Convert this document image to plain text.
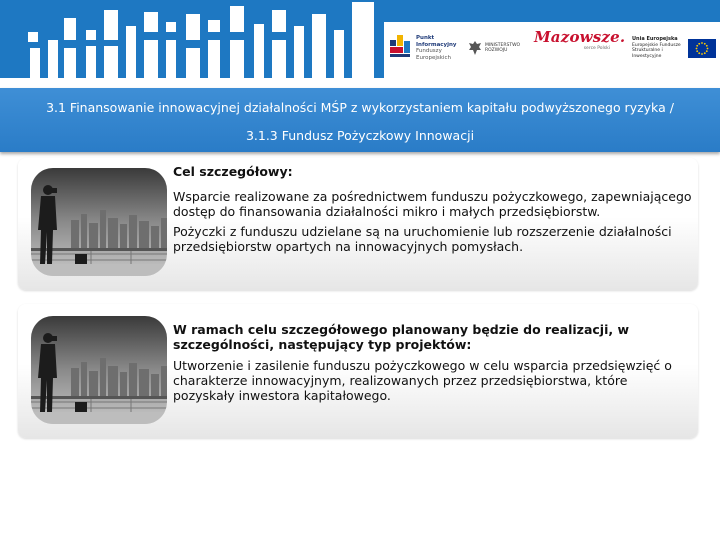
Punkt
Informacyjny
Funduszy Europejskich
MINISTERSTWO
ROZWOJU
Mazowsze.
serce Polski
Unia Europejska
Europejskie Fundusze
Strukturalne i Inwestycyjne
3.1 Finansowanie innowacyjnej działalności MŚP z wykorzystaniem kapitału podwyższonego ryzyka /
3.1.3 Fundusz Pożyczkowy Innowacji
Cel szczegółowy:
Wsparcie realizowane za pośrednictwem funduszu pożyczkowego, zapewniającego dostęp do finansowania działalności mikro i małych przedsiębiorstw.
Pożyczki z funduszu udzielane są na uruchomienie lub rozszerzenie działalności przedsiębiorstw opartych na innowacyjnych pomysłach.
W ramach celu szczegółowego planowany będzie do realizacji, w szczególności, następujący typ projektów:
Utworzenie i zasilenie funduszu pożyczkowego w celu wsparcia przedsięwzięć o charakterze innowacyjnym, realizowanych przez przedsiębiorstwa, które pozyskały inwestora kapitałowego.
